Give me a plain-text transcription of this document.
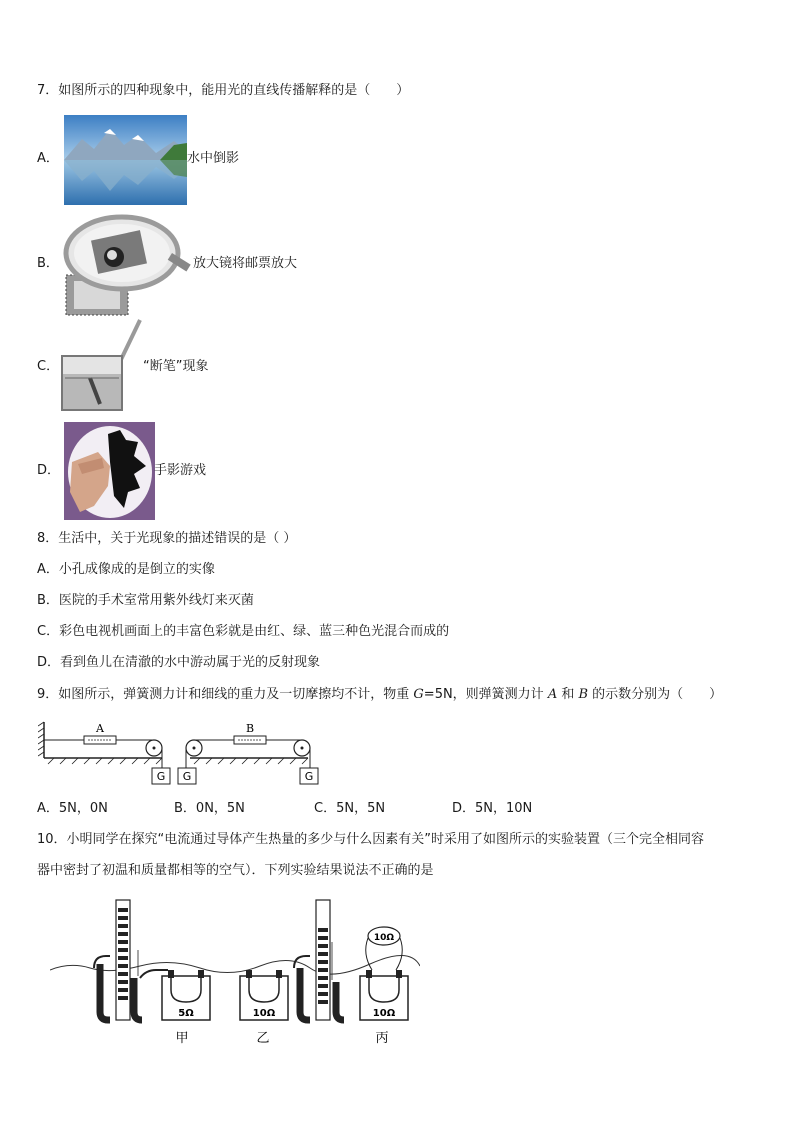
7．如图所示的四种现象中，能用光的直线传播解释的是（　　）
A．	水中倒影
B．	放大镜将邮票放大
C．	“断笔”现象
D．	手影游戏
8．生活中，关于光现象的描述错误的是（ ）
A．小孔成像成的是倒立的实像
B．医院的手术室常用紫外线灯来灭菌
C．彩色电视机画面上的丰富色彩就是由红、绿、蓝三种色光混合而成的
D．看到鱼儿在清澈的水中游动属于光的反射现象
9．如图所示，弹簧测力计和细线的重力及一切摩擦均不计，物重 G=5N，则弹簧测力计 A 和 B 的示数分别为（　　）
A
G
B
G	G
A．5N，0N	B．0N，5N	C．5N，5N	D．5N，10N
10．小明同学在探究“电流通过导体产生热量的多少与什么因素有关”时采用了如图所示的实验装置（三个完全相同容
器中密封了初温和质量都相等的空气）．下列实验结果说法不正确的是
5Ω	10Ω
10Ω
10Ω
甲	乙	丙
